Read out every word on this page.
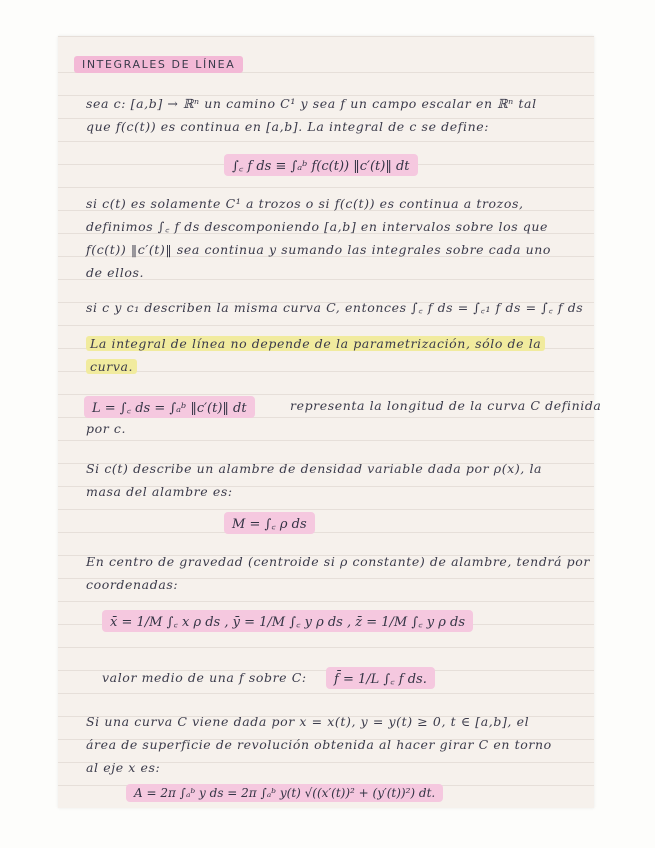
INTEGRALES DE LÍNEA
sea c: [a,b] → ℝⁿ un camino C¹ y sea f un campo escalar en ℝⁿ tal
que f(c(t)) es continua en [a,b]. La integral de c se define:
∫꜀ f ds ≡ ∫ₐᵇ f(c(t)) ‖c′(t)‖ dt
si c(t) es solamente C¹ a trozos o si f(c(t)) es continua a trozos,
definimos ∫꜀ f ds descomponiendo [a,b] en intervalos sobre los que
f(c(t)) ‖c′(t)‖ sea continua y sumando las integrales sobre cada uno
de ellos.
si c y c₁ describen la misma curva C, entonces ∫꜀ f ds = ∫꜀₁ f ds = ∫꜀ f ds
La integral de línea no depende de la parametrización, sólo de la
curva.
L = ∫꜀ ds = ∫ₐᵇ ‖c′(t)‖ dt	representa la longitud de la curva C definida
por c.
Si c(t) describe un alambre de densidad variable dada por ρ(x), la
masa del alambre es:
M = ∫꜀ ρ ds
En centro de gravedad (centroide si ρ constante) de alambre, tendrá por
coordenadas:
x̄ = 1/M ∫꜀ x ρ ds , ȳ = 1/M ∫꜀ y ρ ds , z̄ = 1/M ∫꜀ y ρ ds
valor medio de una f sobre C:	f̄ = 1/L ∫꜀ f ds.
Si una curva C viene dada por x = x(t), y = y(t) ≥ 0, t ∈ [a,b], el
área de superficie de revolución obtenida al hacer girar C en torno
al eje x es:
A = 2π ∫ₐᵇ y ds = 2π ∫ₐᵇ y(t) √((x′(t))² + (y′(t))²) dt.
